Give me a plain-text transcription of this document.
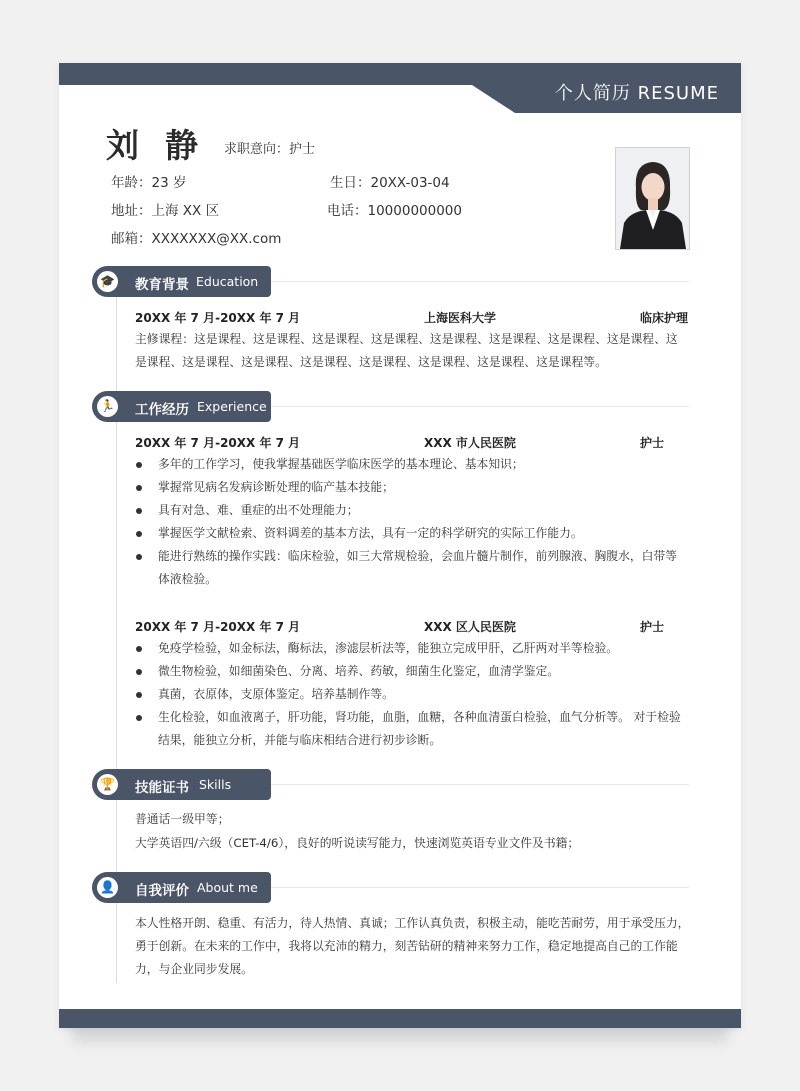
个人简历 RESUME
刘 静 求职意向：护士
年龄：23 岁	生日：20XX-03-04
地址：上海 XX 区	电话：10000000000
邮箱：XXXXXXX@XX.com
🎓 教育背景 Education
20XX 年 7 月-20XX 年 7 月	上海医科大学	临床护理
主修课程：这是课程、这是课程、这是课程、这是课程、这是课程、这是课程、这是课程、这是课程、这
是课程、这是课程、这是课程、这是课程、这是课程、这是课程、这是课程、这是课程等。
🏃 工作经历 Experience
20XX 年 7 月-20XX 年 7 月	XXX 市人民医院	护士
多年的工作学习，使我掌握基础医学临床医学的基本理论、基本知识；
掌握常见病名发病诊断处理的临产基本技能；
具有对急、难、重症的出不处理能力；
掌握医学文献检索、资料调差的基本方法，具有一定的科学研究的实际工作能力。
能进行熟练的操作实践：临床检验，如三大常规检验，会血片髓片制作，前列腺液、胸腹水，白带等
体液检验。
20XX 年 7 月-20XX 年 7 月	XXX 区人民医院	护士
免疫学检验，如金标法，酶标法，渗滤层析法等，能独立完成甲肝，乙肝两对半等检验。
微生物检验，如细菌染色、分离、培养、药敏，细菌生化鉴定，血清学鉴定。
真菌，衣原体，支原体鉴定。培养基制作等。
生化检验，如血液离子，肝功能，肾功能，血脂，血糖，各种血清蛋白检验，血气分析等。 对于检验
结果，能独立分析，并能与临床相结合进行初步诊断。
🏆 技能证书 Skills
普通话一级甲等；
大学英语四/六级（CET-4/6），良好的听说读写能力，快速浏览英语专业文件及书籍；
👤 自我评价 About me
本人性格开朗、稳重、有活力，待人热情、真诚；工作认真负责，积极主动，能吃苦耐劳，用于承受压力，
勇于创新。在未来的工作中，我将以充沛的精力，刻苦钻研的精神来努力工作，稳定地提高自己的工作能
力，与企业同步发展。
